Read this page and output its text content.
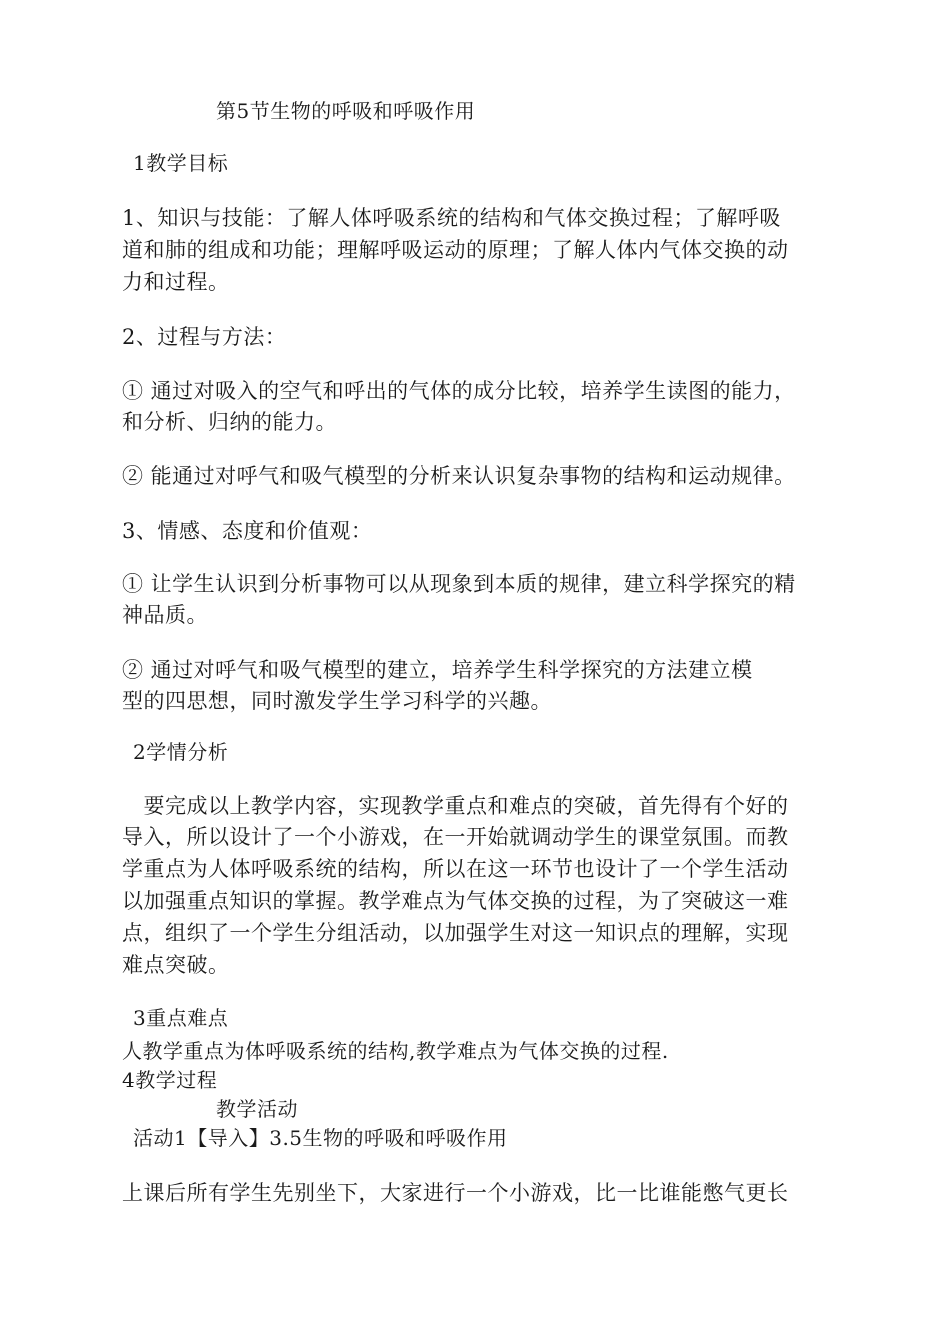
第5节生物的呼吸和呼吸作用
1教学目标
1、知识与技能：了解人体呼吸系统的结构和气体交换过程；了解呼吸
道和肺的组成和功能；理解呼吸运动的原理；了解人体内气体交换的动
力和过程。
2、过程与方法：
① 通过对吸入的空气和呼出的气体的成分比较，培养学生读图的能力，
和分析、归纳的能力。
② 能通过对呼气和吸气模型的分析来认识复杂事物的结构和运动规律。
3、情感、态度和价值观：
① 让学生认识到分析事物可以从现象到本质的规律，建立科学探究的精
神品质。
② 通过对呼气和吸气模型的建立，培养学生科学探究的方法建立模
型的四思想，同时激发学生学习科学的兴趣。
2学情分析
　要完成以上教学内容，实现教学重点和难点的突破，首先得有个好的
导入，所以设计了一个小游戏，在一开始就调动学生的课堂氛围。而教
学重点为人体呼吸系统的结构，所以在这一环节也设计了一个学生活动
以加强重点知识的掌握。教学难点为气体交换的过程，为了突破这一难
点，组织了一个学生分组活动，以加强学生对这一知识点的理解，实现
难点突破。
3重点难点
人教学重点为体呼吸系统的结构,教学难点为气体交换的过程.
4教学过程
教学活动
活动1【导入】3.5生物的呼吸和呼吸作用
上课后所有学生先别坐下，大家进行一个小游戏，比一比谁能憋气更长
